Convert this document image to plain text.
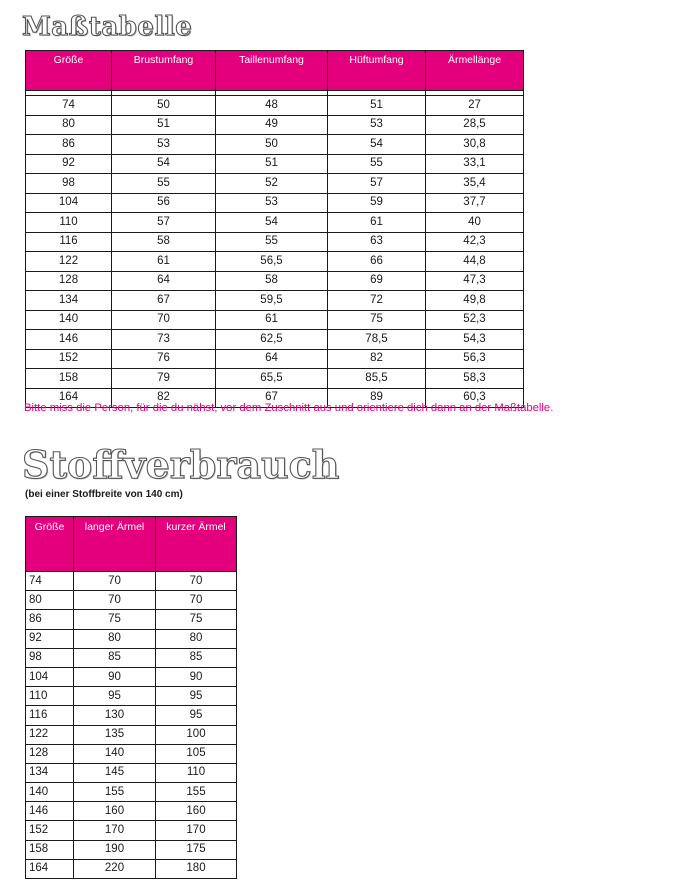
Maßtabelle
Größe	Brustumfang	Taillenumfang	Hüftumfang	Ärmellänge

74	50	48	51	27
80	51	49	53	28,5
86	53	50	54	30,8
92	54	51	55	33,1
98	55	52	57	35,4
104	56	53	59	37,7
110	57	54	61	40
116	58	55	63	42,3
122	61	56,5	66	44,8
128	64	58	69	47,3
134	67	59,5	72	49,8
140	70	61	75	52,3
146	73	62,5	78,5	54,3
152	76	64	82	56,3
158	79	65,5	85,5	58,3
164	82	67	89	60,3

Bitte miss die Person, für die du nähst, vor dem Zuschnitt aus und orientiere dich dann an der Maßtabelle.

Stoffverbrauch

(bei einer Stoffbreite von 140 cm)

Größe	langer Ärmel	kurzer Ärmel
74	70	70
80	70	70
86	75	75
92	80	80
98	85	85
104	90	90
110	95	95
116	130	95
122	135	100
128	140	105
134	145	110
140	155	155
146	160	160
152	170	170
158	190	175
164	220	180
